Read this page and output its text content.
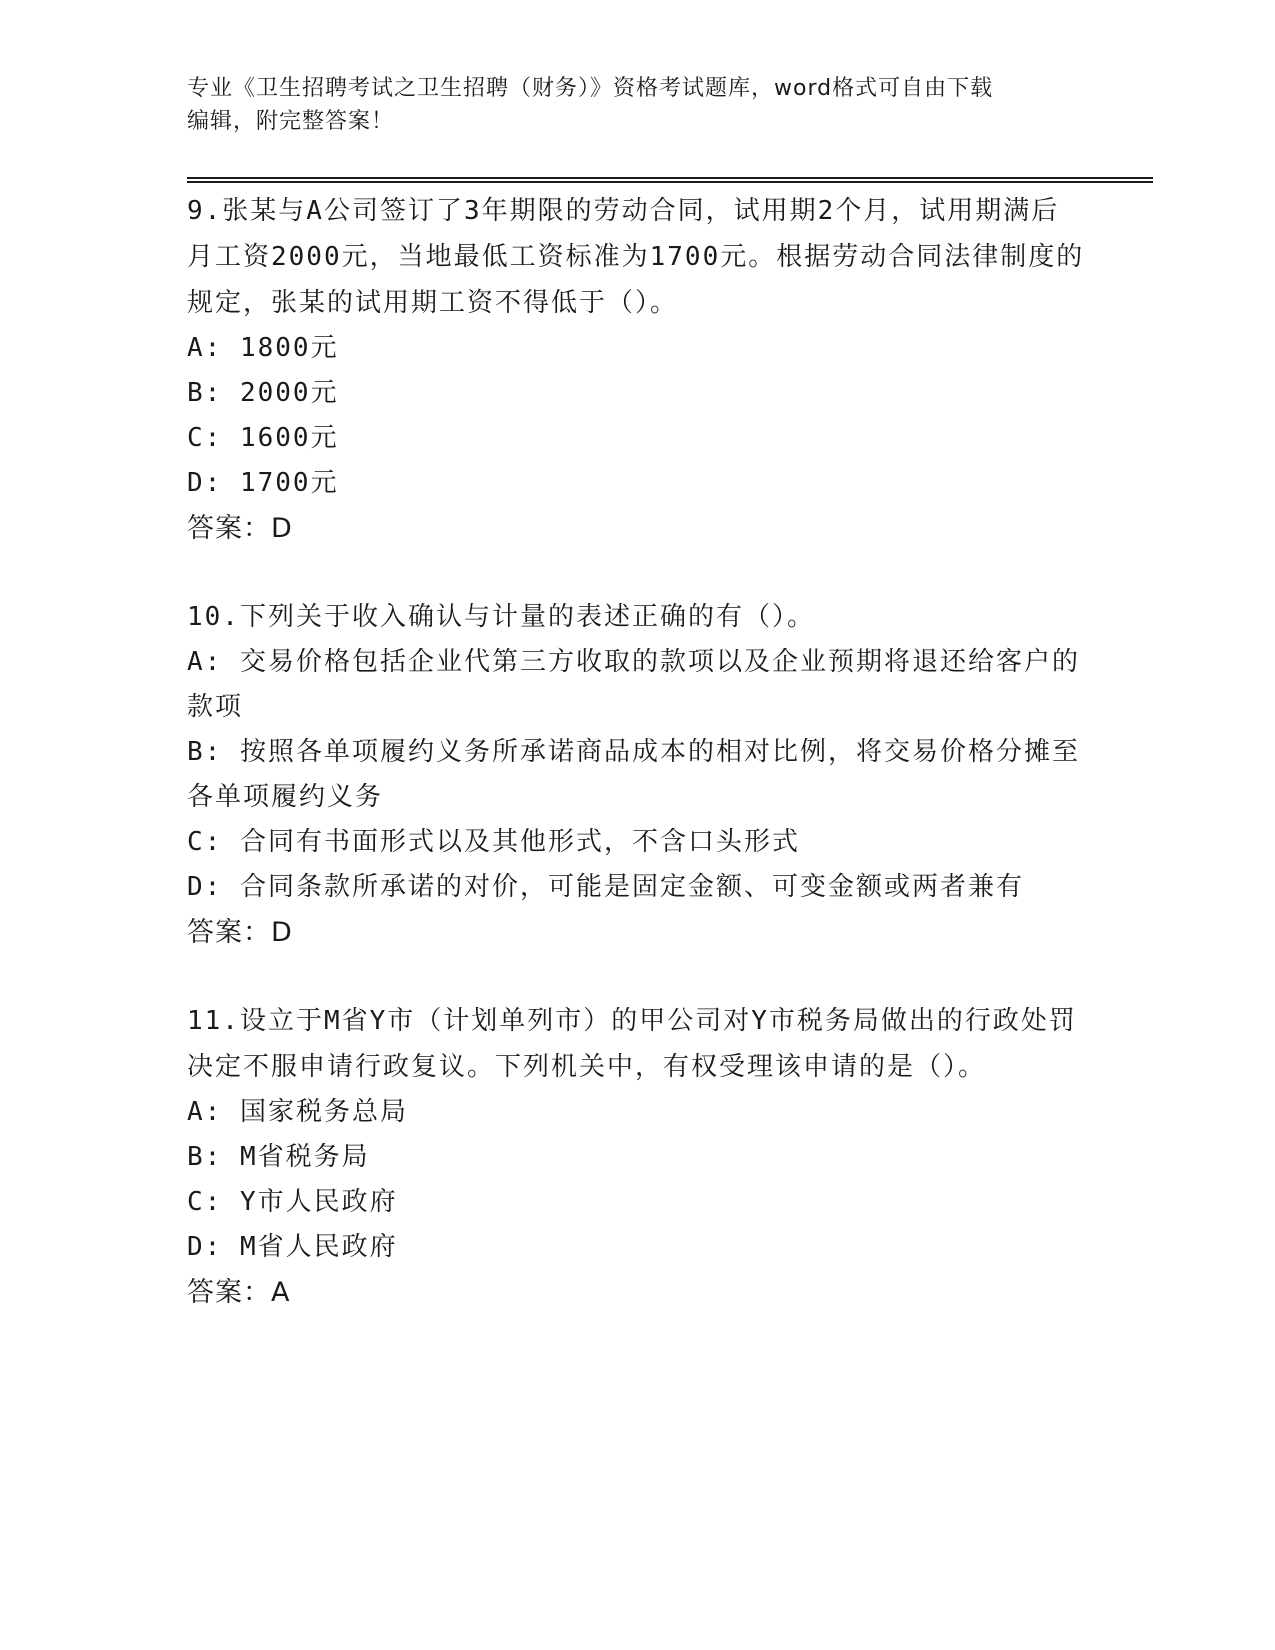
专业《卫生招聘考试之卫生招聘（财务）》资格考试题库，word格式可自由下载
编辑，附完整答案！

9.张某与A公司签订了3年期限的劳动合同，试用期2个月，试用期满后月工资2000元，当地最低工资标准为1700元。根据劳动合同法律制度的规定，张某的试用期工资不得低于（）。

A: 1800元

B: 2000元

C: 1600元

D: 1700元

答案：D

10.下列关于收入确认与计量的表述正确的有（）。

A: 交易价格包括企业代第三方收取的款项以及企业预期将退还给客户的款项

B: 按照各单项履约义务所承诺商品成本的相对比例，将交易价格分摊至各单项履约义务

C: 合同有书面形式以及其他形式，不含口头形式

D: 合同条款所承诺的对价，可能是固定金额、可变金额或两者兼有

答案：D

11.设立于M省Y市（计划单列市）的甲公司对Y市税务局做出的行政处罚决定不服申请行政复议。下列机关中，有权受理该申请的是（）。

A: 国家税务总局

B: M省税务局

C: Y市人民政府

D: M省人民政府

答案：A
